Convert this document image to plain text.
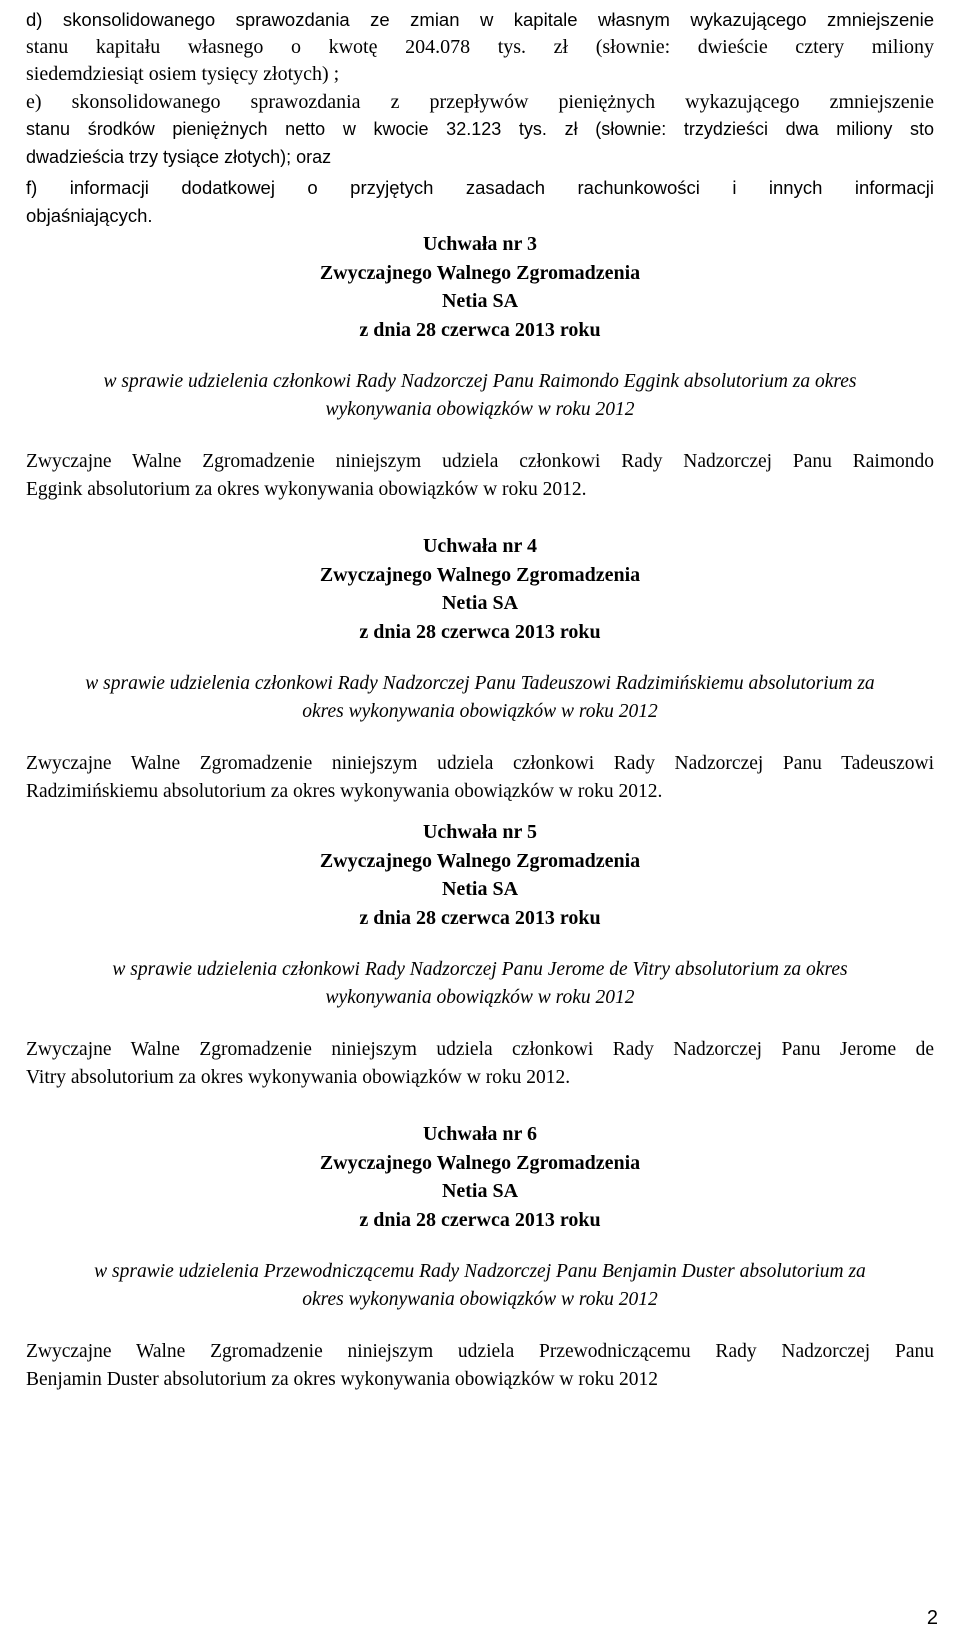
d) skonsolidowanego sprawozdania ze zmian w kapitale własnym wykazującego zmniejszenie

stanu kapitału własnego o kwotę 204.078 tys. zł (słownie: dwieście cztery miliony

siedemdziesiąt osiem tysięcy złotych) ;

e) skonsolidowanego sprawozdania z przepływów pieniężnych wykazującego zmniejszenie

stanu środków pieniężnych netto w kwocie 32.123 tys. zł (słownie: trzydzieści dwa miliony sto

dwadzieścia trzy tysiące złotych); oraz

f) informacji dodatkowej o przyjętych zasadach rachunkowości i innych informacji

objaśniających.

Uchwała nr 3

Zwyczajnego Walnego Zgromadzenia

Netia SA

z dnia 28 czerwca 2013 roku

w sprawie udzielenia członkowi Rady Nadzorczej Panu Raimondo Eggink absolutorium za okres

wykonywania obowiązków w roku 2012

Zwyczajne Walne Zgromadzenie niniejszym udziela członkowi Rady Nadzorczej Panu Raimondo

Eggink absolutorium za okres wykonywania obowiązków w roku 2012.

Uchwała nr 4

Zwyczajnego Walnego Zgromadzenia

Netia SA

z dnia 28 czerwca 2013 roku

w sprawie udzielenia członkowi Rady Nadzorczej Panu Tadeuszowi Radzimińskiemu absolutorium za

okres wykonywania obowiązków w roku 2012

Zwyczajne Walne Zgromadzenie niniejszym udziela członkowi Rady Nadzorczej Panu Tadeuszowi

Radzimińskiemu absolutorium za okres wykonywania obowiązków w roku 2012.

Uchwała nr 5

Zwyczajnego Walnego Zgromadzenia

Netia SA

z dnia 28 czerwca 2013 roku

w sprawie udzielenia członkowi Rady Nadzorczej Panu Jerome de Vitry absolutorium za okres

wykonywania obowiązków w roku 2012

Zwyczajne Walne Zgromadzenie niniejszym udziela członkowi Rady Nadzorczej Panu Jerome de

Vitry absolutorium za okres wykonywania obowiązków w roku 2012.

Uchwała nr 6

Zwyczajnego Walnego Zgromadzenia

Netia SA

z dnia 28 czerwca 2013 roku

w sprawie udzielenia Przewodniczącemu Rady Nadzorczej Panu Benjamin Duster absolutorium za

okres wykonywania obowiązków w roku 2012

Zwyczajne Walne Zgromadzenie niniejszym udziela Przewodniczącemu Rady Nadzorczej Panu

Benjamin Duster absolutorium za okres wykonywania obowiązków w roku 2012

2
